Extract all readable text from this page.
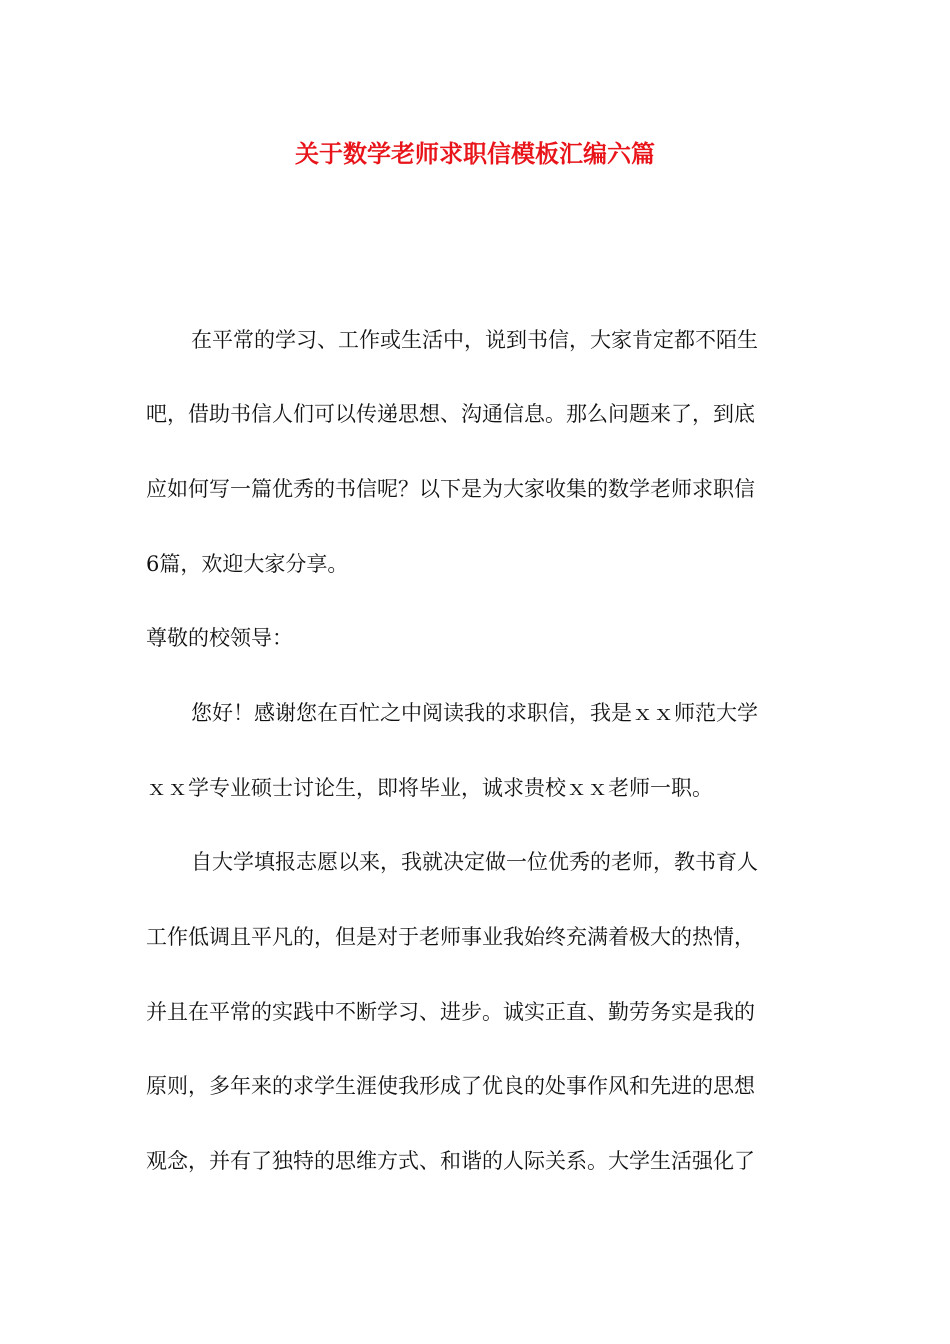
关于数学老师求职信模板汇编六篇
在平常的学习、工作或生活中，说到书信，大家肯定都不陌生
吧，借助书信人们可以传递思想、沟通信息。那么问题来了，到底
应如何写一篇优秀的书信呢？以下是为大家收集的数学老师求职信
6篇，欢迎大家分享。
尊敬的校领导：
您好！感谢您在百忙之中阅读我的求职信，我是ｘｘ师范大学
ｘｘ学专业硕士讨论生，即将毕业，诚求贵校ｘｘ老师一职。
自大学填报志愿以来，我就决定做一位优秀的老师，教书育人
工作低调且平凡的，但是对于老师事业我始终充满着极大的热情，
并且在平常的实践中不断学习、进步。诚实正直、勤劳务实是我的
原则，多年来的求学生涯使我形成了优良的处事作风和先进的思想
观念，并有了独特的思维方式、和谐的人际关系。大学生活强化了
